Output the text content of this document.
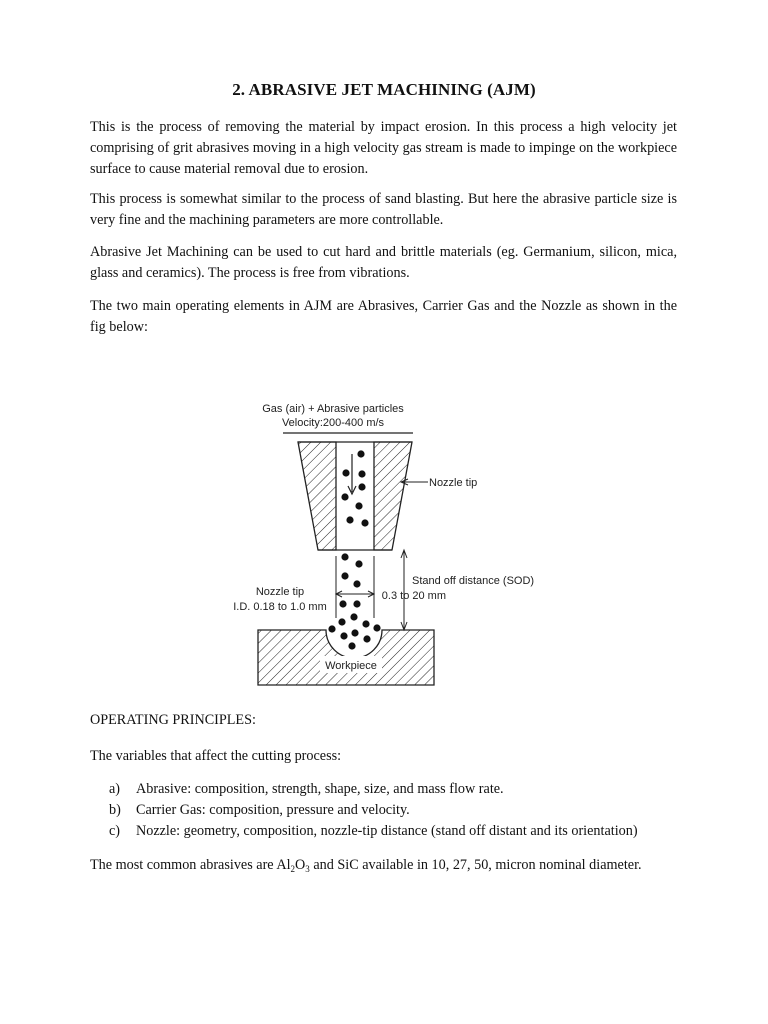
2. ABRASIVE JET MACHINING (AJM)

This is the process of removing the material by impact erosion. In this process a high velocity jet comprising of grit abrasives moving in a high velocity gas stream is made to impinge on the workpiece surface to cause material removal due to erosion.

This process is somewhat similar to the process of sand blasting. But here the abrasive particle size is very fine and the machining parameters are more controllable.

Abrasive Jet Machining can be used to cut hard and brittle materials (eg. Germanium, silicon, mica, glass and ceramics). The process is free from vibrations.

The two main operating elements in AJM are Abrasives, Carrier Gas and the Nozzle as shown in the fig below:

Gas (air) + Abrasive particles
Velocity:200-400 m/s
Nozzle tip
Nozzle tip
I.D. 0.18 to 1.0 mm
Stand off distance (SOD)
0.3 to 20 mm
Workpiece

OPERATING PRINCIPLES:

The variables that affect the cutting process:

a) Abrasive: composition, strength, shape, size, and mass flow rate.
b) Carrier Gas: composition, pressure and velocity.
c) Nozzle: geometry, composition, nozzle-tip distance (stand off distant and its orientation)

The most common abrasives are $Al_2O_3$ and SiC available in 10, 27, 50, micron nominal diameter.
